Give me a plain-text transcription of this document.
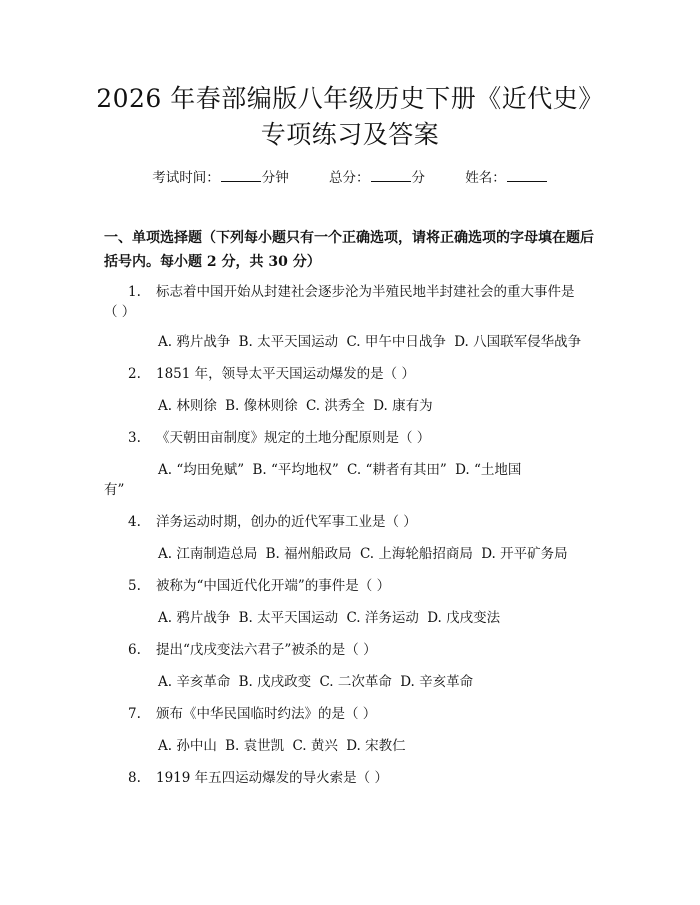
2026 年春部编版八年级历史下册《近代史》
专项练习及答案
考试时间：	分钟	总分：	分	姓名：
一、单项选择题（下列每小题只有一个正确选项，请将正确选项的字母填在题后
括号内。每小题 2 分，共 30 分）
1. 标志着中国开始从封建社会逐步沦为半殖民地半封建社会的重大事件是
（ ）
A. 鸦片战争 B. 太平天国运动 C. 甲午中日战争 D. 八国联军侵华战争
2. 1851 年，领导太平天国运动爆发的是（ ）
A. 林则徐 B. 像林则徐 C. 洪秀全 D. 康有为
3. 《天朝田亩制度》规定的土地分配原则是（ ）
A. “均田免赋” B. “平均地权” C. “耕者有其田” D. “土地国
有”
4. 洋务运动时期，创办的近代军事工业是（ ）
A. 江南制造总局 B. 福州船政局 C. 上海轮船招商局 D. 开平矿务局
5. 被称为“中国近代化开端”的事件是（ ）
A. 鸦片战争 B. 太平天国运动 C. 洋务运动 D. 戊戌变法
6. 提出“戊戌变法六君子”被杀的是（ ）
A. 辛亥革命 B. 戊戌政变 C. 二次革命 D. 辛亥革命
7. 颁布《中华民国临时约法》的是（ ）
A. 孙中山 B. 袁世凯 C. 黄兴 D. 宋教仁
8. 1919 年五四运动爆发的导火索是（ ）
